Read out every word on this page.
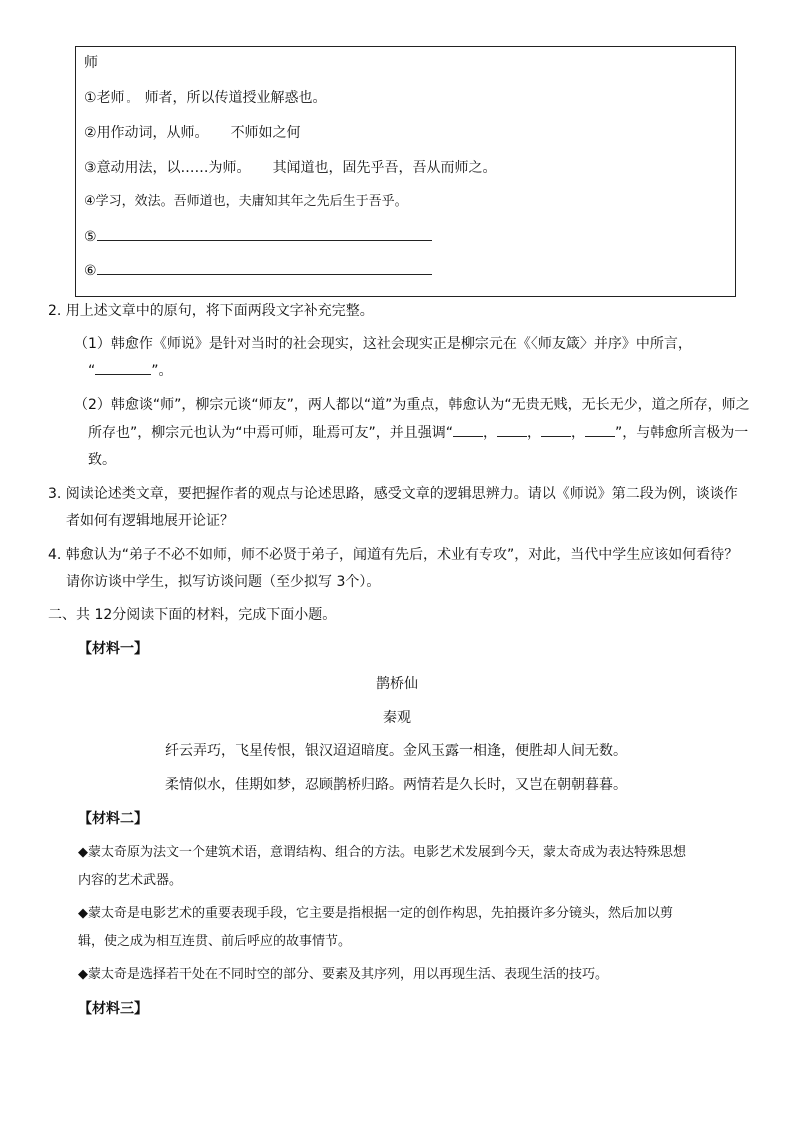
师
①老师 。 师者，所以传道授业解惑也。
②用作动词，从师。 不师如之何
③意动用法，以……为师。 其闻道也，固先乎吾，吾从而师之。
④学习，效法。吾师道也，夫庸知其年之先后生于吾乎。
⑤
⑥
2. 用上述文章中的原句，将下面两段文字补充完整。
（1）韩愈作《师说》是针对当时的社会现实，这社会现实正是柳宗元在《〈师友箴〉并序》中所言，
“	”。
（2）韩愈谈“师”，柳宗元谈“师友”，两人都以“道”为重点，韩愈认为“无贵无贱，无长无少，道之所存，师之
所存也”，柳宗元也认为“中焉可师，耻焉可友”，并且强调“ ， ， ， ”，与韩愈所言极为一
致。
3. 阅读论述类文章，要把握作者的观点与论述思路，感受文章的逻辑思辨力。请以《师说》第二段为例，谈谈作
者如何有逻辑地展开论证？
4. 韩愈认为“弟子不必不如师，师不必贤于弟子，闻道有先后，术业有专攻”，对此，当代中学生应该如何看待？
请你访谈中学生，拟写访谈问题（至少拟写 3个）。
二、共 12分阅读下面的材料，完成下面小题。
【材料一】
鹊桥仙
秦观
纤云弄巧，飞星传恨，银汉迢迢暗度。金风玉露一相逢，便胜却人间无数。
柔情似水，佳期如梦，忍顾鹊桥归路。两情若是久长时，又岂在朝朝暮暮。
【材料二】
◆蒙太奇原为法文一个建筑术语，意谓结构、组合的方法。电影艺术发展到今天，蒙太奇成为表达特殊思想
内容的艺术武器。
◆蒙太奇是电影艺术的重要表现手段，它主要是指根据一定的创作构思，先拍摄许多分镜头，然后加以剪
辑，使之成为相互连贯、前后呼应的故事情节。
◆蒙太奇是选择若干处在不同时空的部分、要素及其序列，用以再现生活、表现生活的技巧。
【材料三】
